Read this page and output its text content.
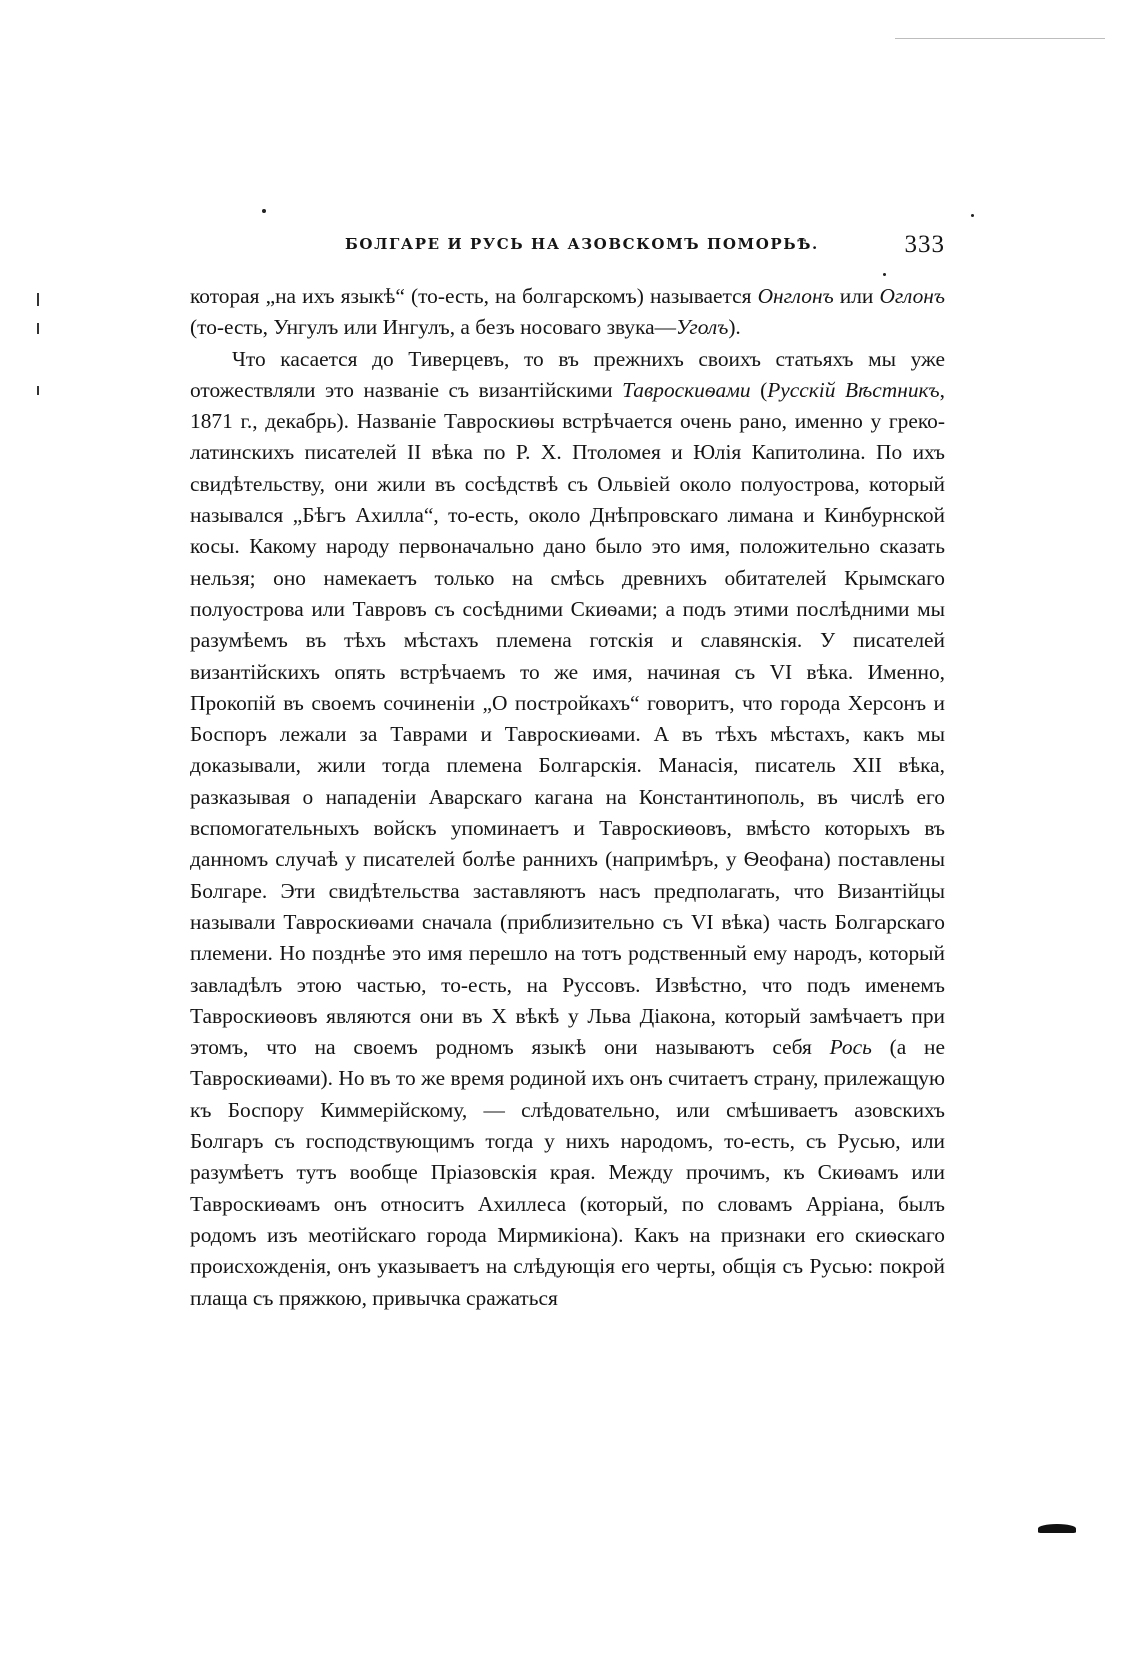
БОЛГАРЕ И РУСЬ НА АЗОВСКОМЪ ПОМОРЬѢ.	333

которая „на ихъ языкѣ“ (то-есть, на болгарскомъ) называется Онглонъ или Оглонъ (то-есть, Унгулъ или Ингулъ, а безъ носоваго звука—Уголъ).

Что касается до Тиверцевъ, то въ прежнихъ своихъ статьяхъ мы уже отожествляли это названіе съ византійскими Тавроскиѳами (Русскій Вѣстникъ, 1871 г., декабрь). Названіе Тавроскиѳы встрѣчается очень рано, именно у греко-латинскихъ писателей II вѣка по Р. Х. Птоломея и Юлія Капитолина. По ихъ свидѣтельству, они жили въ сосѣдствѣ съ Ольвіей около полуострова, который назывался „Бѣгъ Ахилла“, то-есть, около Днѣпровскаго лимана и Кинбурнской косы. Какому народу первоначально дано было это имя, положительно сказать нельзя; оно намекаетъ только на смѣсь древнихъ обитателей Крымскаго полуострова или Тавровъ съ сосѣдними Скиѳами; а подъ этими послѣдними мы разумѣемъ въ тѣхъ мѣстахъ племена готскія и славянскія. У писателей византійскихъ опять встрѣчаемъ то же имя, начиная съ VI вѣка. Именно, Прокопій въ своемъ сочиненіи „О постройкахъ“ говоритъ, что города Херсонъ и Боспоръ лежали за Таврами и Тавроскиѳами. А въ тѣхъ мѣстахъ, какъ мы доказывали, жили тогда племена Болгарскія. Манасія, писатель XII вѣка, разказывая о нападеніи Аварскаго кагана на Константинополь, въ числѣ его вспомогательныхъ войскъ упоминаетъ и Тавроскиѳовъ, вмѣсто которыхъ въ данномъ случаѣ у писателей болѣе раннихъ (напримѣръ, у Ѳеофана) поставлены Болгаре. Эти свидѣтельства заставляютъ насъ предполагать, что Византійцы называли Тавроскиѳами сначала (приблизительно съ VI вѣка) часть Болгарскаго племени. Но позднѣе это имя перешло на тотъ родственный ему народъ, который завладѣлъ этою частью, то-есть, на Руссовъ. Извѣстно, что подъ именемъ Тавроскиѳовъ являются они въ X вѣкѣ у Льва Діакона, который замѣчаетъ при этомъ, что на своемъ родномъ языкѣ они называютъ себя Рось (а не Тавроскиѳами). Но въ то же время родиной ихъ онъ считаетъ страну, прилежащую къ Боспору Киммерійскому, — слѣдовательно, или смѣшиваетъ азовскихъ Болгаръ съ господствующимъ тогда у нихъ народомъ, то-есть, съ Русью, или разумѣетъ тутъ вообще Пріазовскія края. Между прочимъ, къ Скиѳамъ или Тавроскиѳамъ онъ относитъ Ахиллеса (который, по словамъ Арріана, былъ родомъ изъ меотійскаго города Мирмикіона). Какъ на признаки его скиѳскаго происхожденія, онъ указываетъ на слѣдующія его черты, общія съ Русью: покрой плаща съ пряжкою, привычка сражаться
